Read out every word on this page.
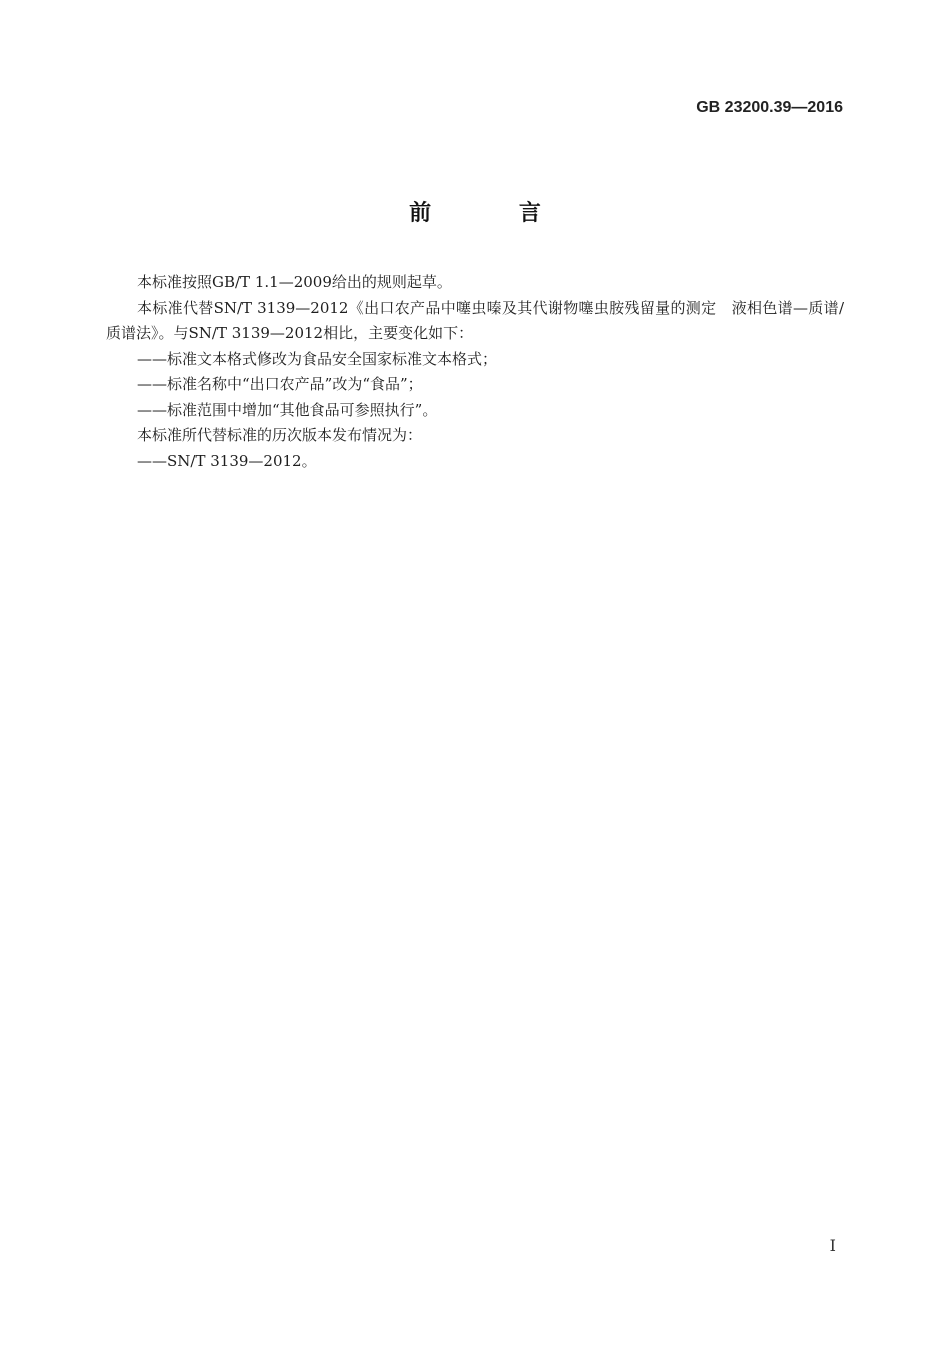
GB 23200.39—2016
前 言

本标准按照GB/T 1.1—2009给出的规则起草。

本标准代替SN/T 3139—2012《出口农产品中噻虫嗪及其代谢物噻虫胺残留量的测定　液相色谱—质谱/质谱法》。与SN/T 3139—2012相比，主要变化如下：

——标准文本格式修改为食品安全国家标准文本格式；

——标准名称中“出口农产品”改为“食品”；

——标准范围中增加“其他食品可参照执行”。

本标准所代替标准的历次版本发布情况为：

——SN/T 3139—2012。

I
